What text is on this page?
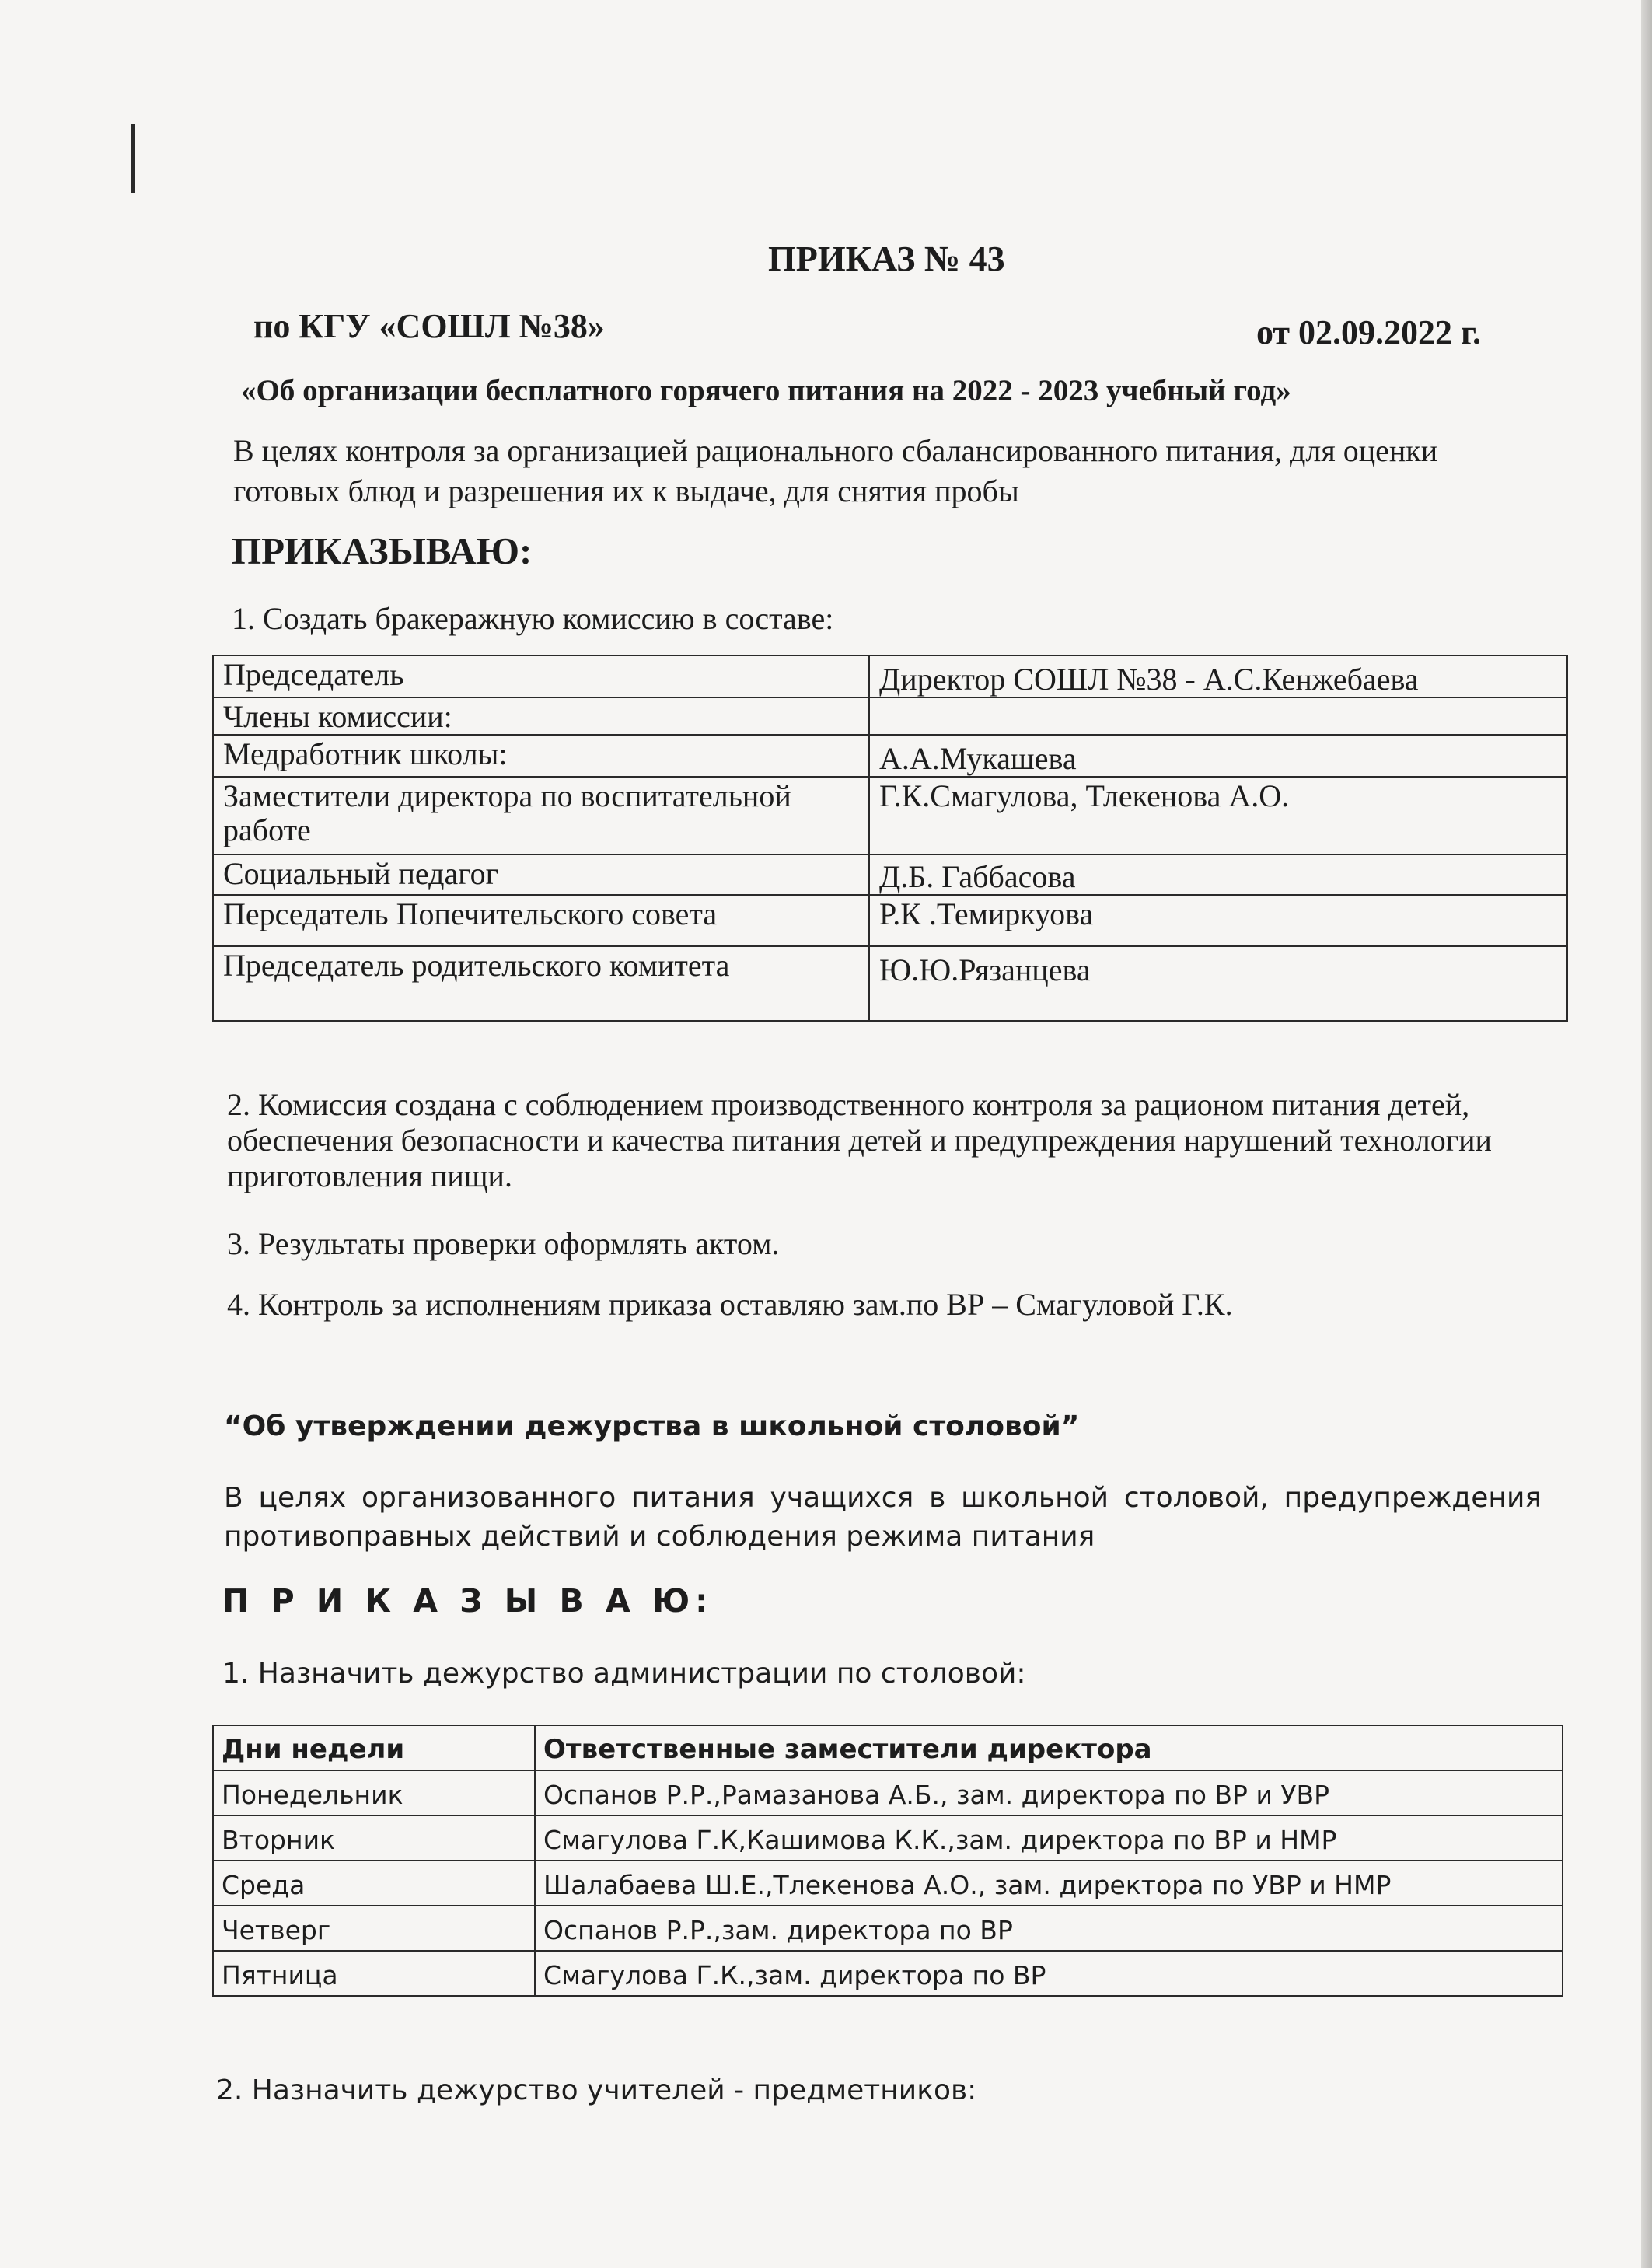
ПРИКАЗ № 43
по КГУ «СОШЛ №38»	от 02.09.2022 г.
«Об организации бесплатного горячего питания на 2022 - 2023 учебный год»
В целях контроля за организацией рационального сбалансированного питания, для оценки готовых блюд и разрешения их к выдаче, для снятия пробы
ПРИКАЗЫВАЮ:
1. Создать бракеражную комиссию в составе:
Председатель	Директор СОШЛ №38 - А.С.Кенжебаева
Члены комиссии:	
Медработник школы:	А.А.Мукашева
Заместители директора по воспитательной работе	Г.К.Смагулова, Тлекенова А.О.
Социальный педагог	Д.Б. Габбасова
Перседатель Попечительского совета	Р.К .Темиркуова
Председатель родительского комитета	Ю.Ю.Рязанцева
2. Комиссия создана с соблюдением производственного контроля за рационом питания детей, обеспечения безопасности и качества питания детей и предупреждения нарушений технологии приготовления пищи.
3. Результаты проверки оформлять актом.
4. Контроль за исполнениям приказа оставляю зам.по ВР – Смагуловой Г.К.
“Об утверждении дежурства в школьной столовой”
В целях организованного питания учащихся в школьной столовой, предупреждения противоправных действий и соблюдения режима питания
П Р И К А З Ы В А Ю:
1. Назначить дежурство администрации по столовой:
Дни недели	Ответственные заместители директора
Понедельник	Оспанов Р.Р.,Рамазанова А.Б., зам. директора по ВР и УВР
Вторник	Смагулова Г.К,Кашимова К.К.,зам. директора по ВР и НМР
Среда	Шалабаева Ш.Е.,Тлекенова А.О., зам. директора по УВР и НМР
Четверг	Оспанов Р.Р.,зам. директора по ВР
Пятница	Смагулова Г.К.,зам. директора по ВР
2. Назначить дежурство учителей - предметников:
